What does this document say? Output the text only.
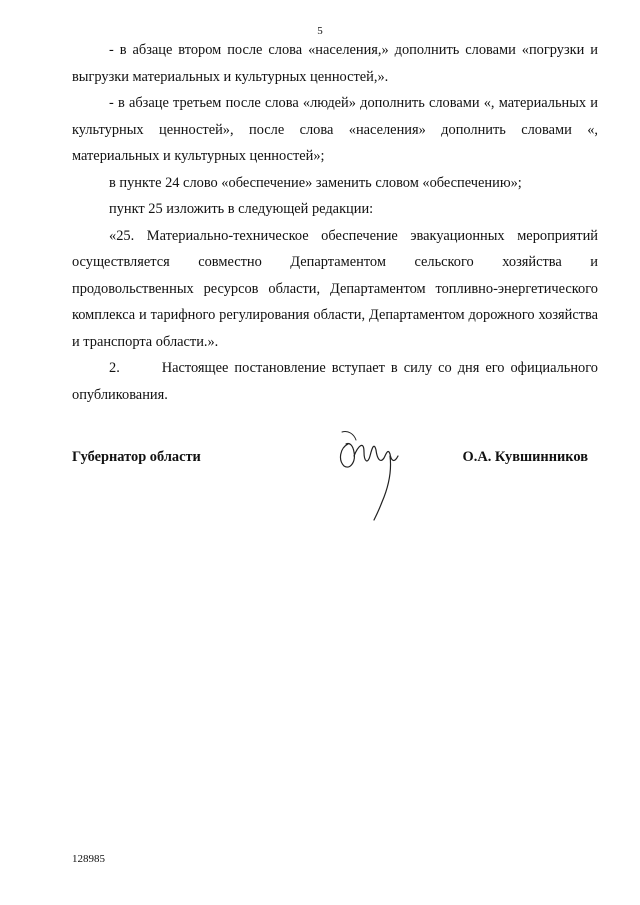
5

- в абзаце втором после слова «населения,» дополнить словами «погрузки и выгрузки материальных и культурных ценностей,».

- в абзаце третьем после слова «людей» дополнить словами «, материальных и культурных ценностей», после слова «населения» дополнить словами «, материальных и культурных ценностей»;

в пункте 24 слово «обеспечение» заменить словом «обеспечению»;

пункт 25 изложить в следующей редакции:

«25. Материально-техническое обеспечение эвакуационных мероприятий осуществляется совместно Департаментом сельского хозяйства и продовольственных ресурсов области, Департаментом топливно-энергетического комплекса и тарифного регулирования области, Департаментом дорожного хозяйства и транспорта области.».

2.       Настоящее постановление вступает в силу со дня его официального опубликования.

Губернатор области	О.А. Кувшинников
128985
